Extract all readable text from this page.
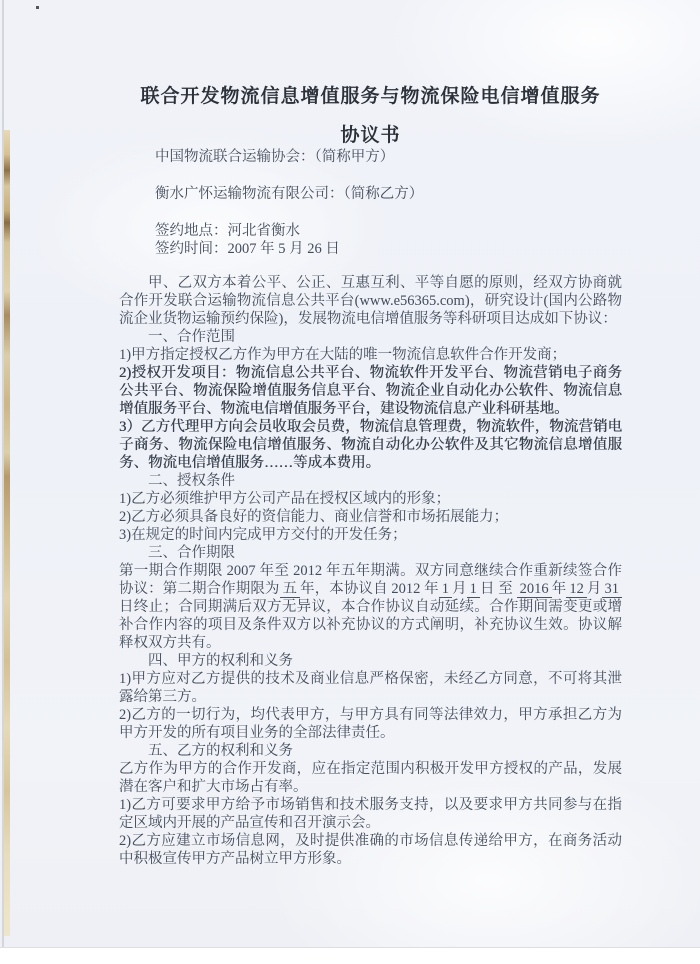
联合开发物流信息增值服务与物流保险电信增值服务

协议书

中国物流联合运输协会：（简称甲方）

衡水广怀运输物流有限公司：（简称乙方）

签约地点：河北省衡水

签约时间：2007 年 5 月 26 日

甲、乙双方本着公平、公正、互惠互利、平等自愿的原则，经双方协商就合作开发联合运输物流信息公共平台(www.e56365.com)，研究设计(国内公路物流企业货物运输预约保险)，发展物流电信增值服务等科研项目达成如下协议：

一、合作范围

1)甲方指定授权乙方作为甲方在大陆的唯一物流信息软件合作开发商；

2)授权开发项目：物流信息公共平台、物流软件开发平台、物流营销电子商务公共平台、物流保险增值服务信息平台、物流企业自动化办公软件、物流信息增值服务平台、物流电信增值服务平台，建设物流信息产业科研基地。

3）乙方代理甲方向会员收取会员费，物流信息管理费，物流软件，物流营销电子商务、物流保险电信增值服务、物流自动化办公软件及其它物流信息增值服务、物流电信增值服务……等成本费用。

二、授权条件

1)乙方必须维护甲方公司产品在授权区域内的形象；

2)乙方必须具备良好的资信能力、商业信誉和市场拓展能力；

3)在规定的时间内完成甲方交付的开发任务；

三、合作期限

第一期合作期限 2007 年至 2012 年五年期满。双方同意继续合作重新续签合作协议：第二期合作期限为 五 年，本协议自 2012 年 1 月 1 日 至 2016 年 12 月 31日终止；合同期满后双方无异议，本合作协议自动延续。合作期间需变更或增补合作内容的项目及条件双方以补充协议的方式阐明，补充协议生效。协议解释权双方共有。

四、甲方的权利和义务

1)甲方应对乙方提供的技术及商业信息严格保密，未经乙方同意，不可将其泄露给第三方。

2)乙方的一切行为，均代表甲方，与甲方具有同等法律效力，甲方承担乙方为甲方开发的所有项目业务的全部法律责任。

五、乙方的权利和义务

乙方作为甲方的合作开发商，应在指定范围内积极开发甲方授权的产品，发展潜在客户和扩大市场占有率。

1)乙方可要求甲方给予市场销售和技术服务支持，以及要求甲方共同参与在指定区域内开展的产品宣传和召开演示会。

2)乙方应建立市场信息网，及时提供准确的市场信息传递给甲方，在商务活动中积极宣传甲方产品树立甲方形象。
